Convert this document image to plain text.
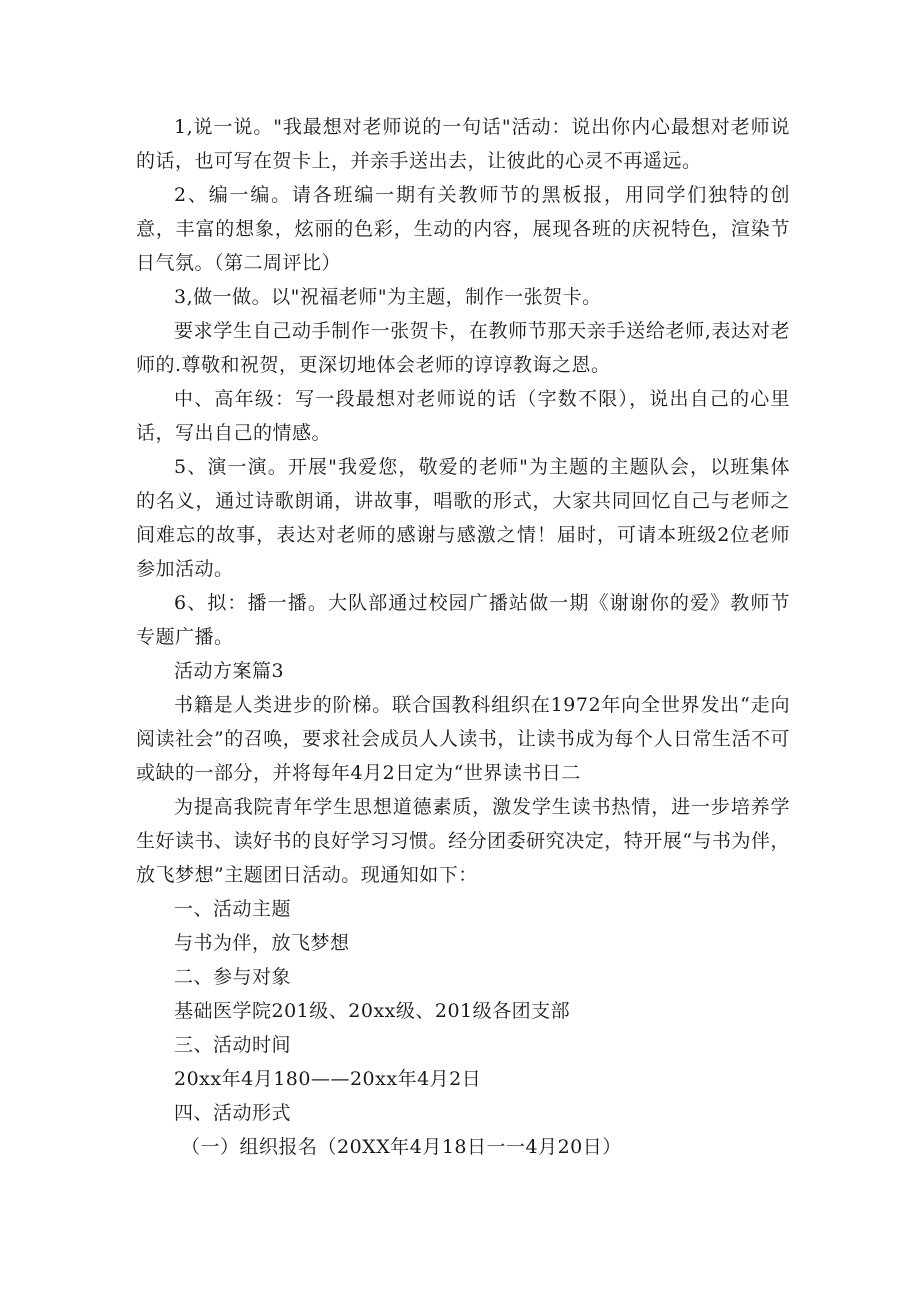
1,说一说。"我最想对老师说的一句话"活动：说出你内心最想对老师说的话，也可写在贺卡上，并亲手送出去，让彼此的心灵不再遥远。

2、编一编。请各班编一期有关教师节的黑板报，用同学们独特的创意，丰富的想象，炫丽的色彩，生动的内容，展现各班的庆祝特色，渲染节日气氛。（第二周评比）

3,做一做。以"祝福老师"为主题，制作一张贺卡。

要求学生自己动手制作一张贺卡，在教师节那天亲手送给老师,表达对老师的.尊敬和祝贺，更深切地体会老师的谆谆教诲之恩。

中、高年级：写一段最想对老师说的话（字数不限），说出自己的心里话，写出自己的情感。

5、演一演。开展"我爱您，敬爱的老师"为主题的主题队会，以班集体的名义，通过诗歌朗诵，讲故事，唱歌的形式，大家共同回忆自己与老师之间难忘的故事，表达对老师的感谢与感激之情！届时，可请本班级2位老师参加活动。

6、拟：播一播。大队部通过校园广播站做一期《谢谢你的爱》教师节专题广播。

活动方案篇3

书籍是人类进步的阶梯。联合国教科组织在1972年向全世界发出“走向阅读社会”的召唤，要求社会成员人人读书，让读书成为每个人日常生活不可或缺的一部分，并将每年4月2日定为“世界读书日二

为提高我院青年学生思想道德素质，激发学生读书热情，进一步培养学生好读书、读好书的良好学习习惯。经分团委研究决定，特开展“与书为伴，放飞梦想”主题团日活动。现通知如下：

一、活动主题

与书为伴，放飞梦想

二、参与对象

基础医学院201级、20xx级、201级各团支部

三、活动时间

20xx年4月180——20xx年4月2日

四、活动形式

（一）组织报名（20XX年4月18日一一4月20日）
